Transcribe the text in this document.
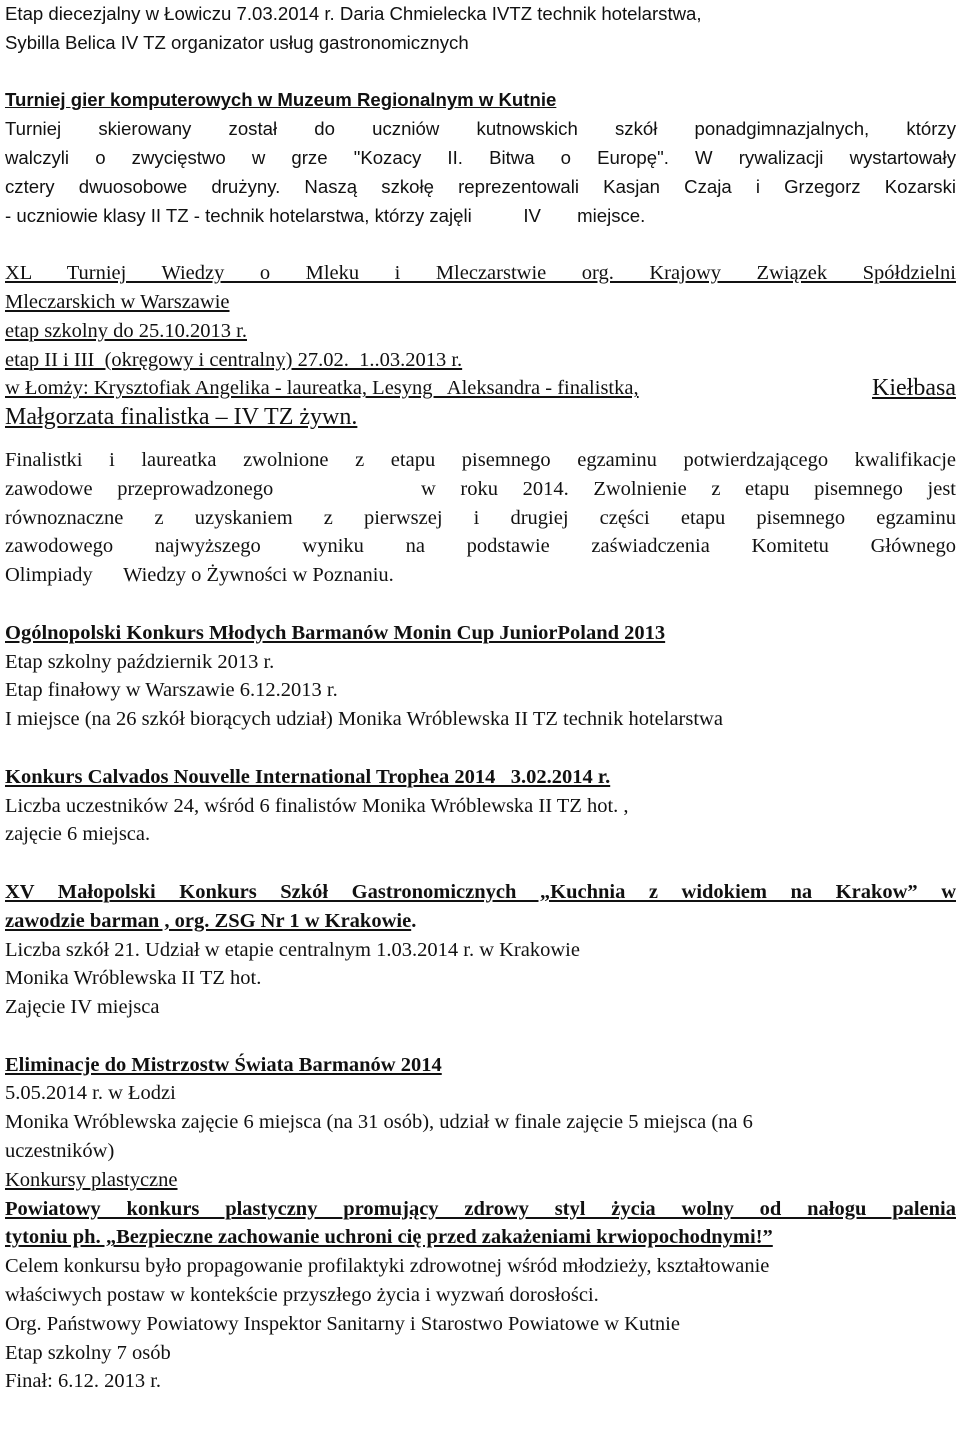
Etap diecezjalny w Łowiczu 7.03.2014 r. Daria Chmielecka IVTZ technik hotelarstwa,
Sybilla Belica IV TZ organizator usług gastronomicznych
Turniej gier komputerowych w Muzeum Regionalnym w Kutnie
Turniej skierowany został do uczniów kutnowskich szkół ponadgimnazjalnych, którzy
walczyli o zwycięstwo w grze "Kozacy II. Bitwa o Europę". W rywalizacji wystartowały
cztery dwuosobowe drużyny. Naszą szkołę reprezentowali Kasjan Czaja i Grzegorz Kozarski
- uczniowie klasy II TZ - technik hotelarstwa, którzy zajęli          IV       miejsce.
XL Turniej Wiedzy o Mleku i Mleczarstwie org. Krajowy Związek Spółdzielni
Mleczarskich w Warszawie
etap szkolny do 25.10.2013 r.
etap II i III  (okręgowy i centralny) 27.02.  1..03.2013 r.
w Łomży: Krysztofiak Angelika - laureatka, Lesyng   Aleksandra - finalistka,	Kiełbasa
Małgorzata finalistka – IV TZ żywn.
Finalistki i laureatka zwolnione z etapu pisemnego egzaminu potwierdzającego kwalifikacje
zawodowe przeprowadzonego      w roku 2014. Zwolnienie z etapu pisemnego jest
równoznaczne z uzyskaniem z pierwszej i drugiej części etapu pisemnego egzaminu
zawodowego najwyższego wyniku na podstawie zaświadczenia Komitetu Głównego
Olimpiady      Wiedzy o Żywności w Poznaniu.
Ogólnopolski Konkurs Młodych Barmanów Monin Cup JuniorPoland 2013
Etap szkolny październik 2013 r.
Etap finałowy w Warszawie 6.12.2013 r.
I miejsce (na 26 szkół biorących udział) Monika Wróblewska II TZ technik hotelarstwa
Konkurs Calvados Nouvelle International Trophea 2014   3.02.2014 r.
Liczba uczestników 24, wśród 6 finalistów Monika Wróblewska II TZ hot. ,
zajęcie 6 miejsca.
XV Małopolski Konkurs Szkół Gastronomicznych „Kuchnia z widokiem na Krakow” w
zawodzie barman , org. ZSG Nr 1 w Krakowie.
Liczba szkół 21. Udział w etapie centralnym 1.03.2014 r. w Krakowie
Monika Wróblewska II TZ hot.
Zajęcie IV miejsca
Eliminacje do Mistrzostw Świata Barmanów 2014
5.05.2014 r. w Łodzi
Monika Wróblewska zajęcie 6 miejsca (na 31 osób), udział w finale zajęcie 5 miejsca (na 6
uczestników)
Konkursy plastyczne
Powiatowy konkurs plastyczny promujący zdrowy styl życia wolny od nałogu palenia
tytoniu ph. „Bezpieczne zachowanie uchroni cię przed zakażeniami krwiopochodnymi!”
Celem konkursu było propagowanie profilaktyki zdrowotnej wśród młodzieży, kształtowanie
właściwych postaw w kontekście przyszłego życia i wyzwań dorosłości.
Org. Państwowy Powiatowy Inspektor Sanitarny i Starostwo Powiatowe w Kutnie
Etap szkolny 7 osób
Finał: 6.12. 2013 r.
